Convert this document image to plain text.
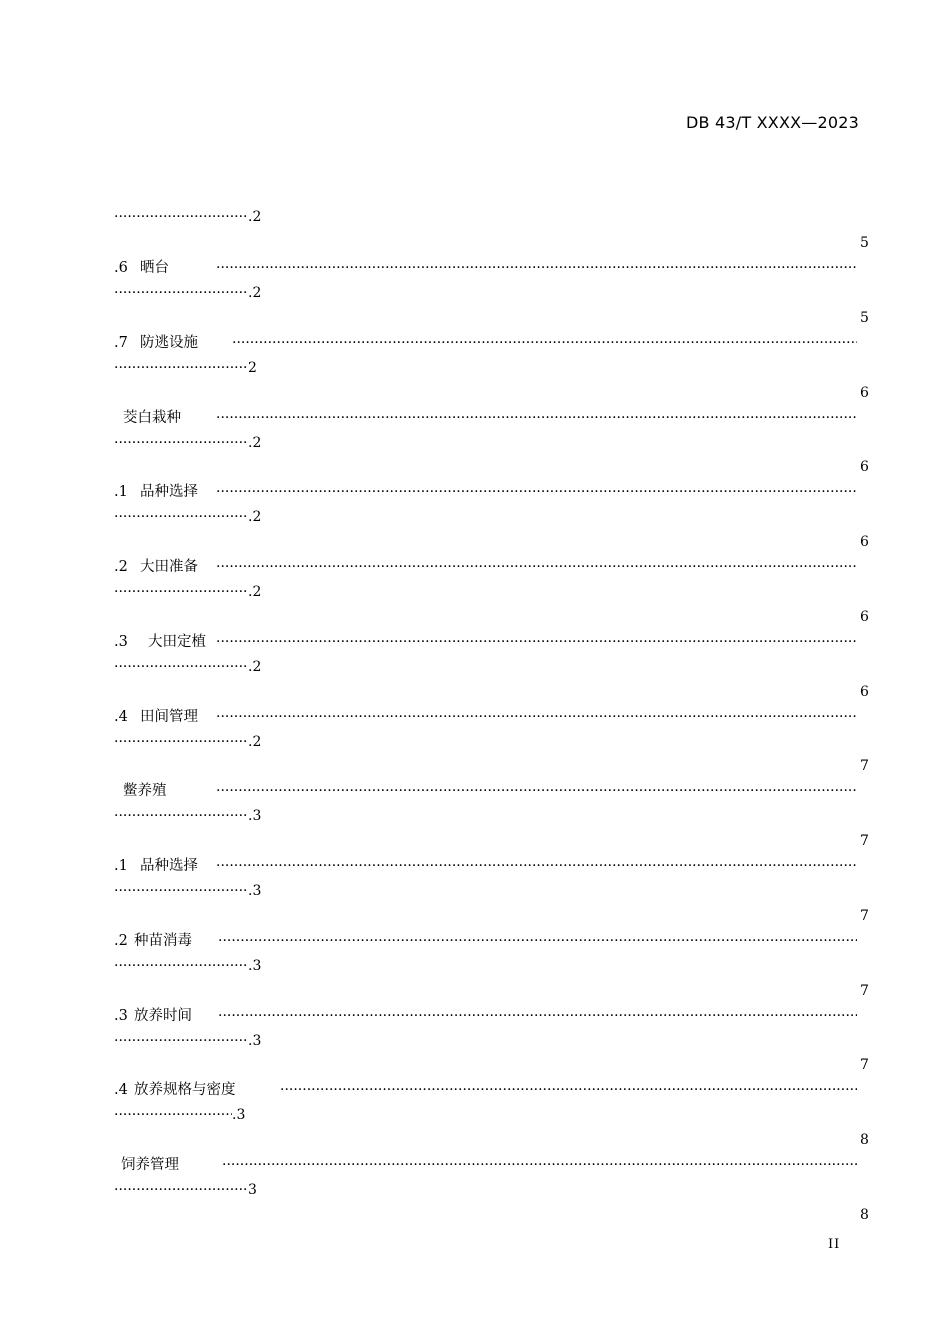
DB 43/T XXXX—2023
·····
.2
5
.6 晒台
·····
·····
.2
5
.7 防逃设施
·····
·····
2
6
茭白栽种
·····
·····
.2
6
.1 品种选择
·····
·····
.2
6
.2 大田准备
·····
·····
.2
6
.3 大田定植
·····
·····
.2
6
.4 田间管理
·····
·····
.2
7
鳖养殖
·····
·····
.3
7
.1 品种选择
·····
·····
.3
7
.2 种苗消毒
·····
·····
.3
7
.3 放养时间
·····
·····
.3
7
.4 放养规格与密度
·····
·····
.3
8
饲养管理
·····
·····
3
8
II
